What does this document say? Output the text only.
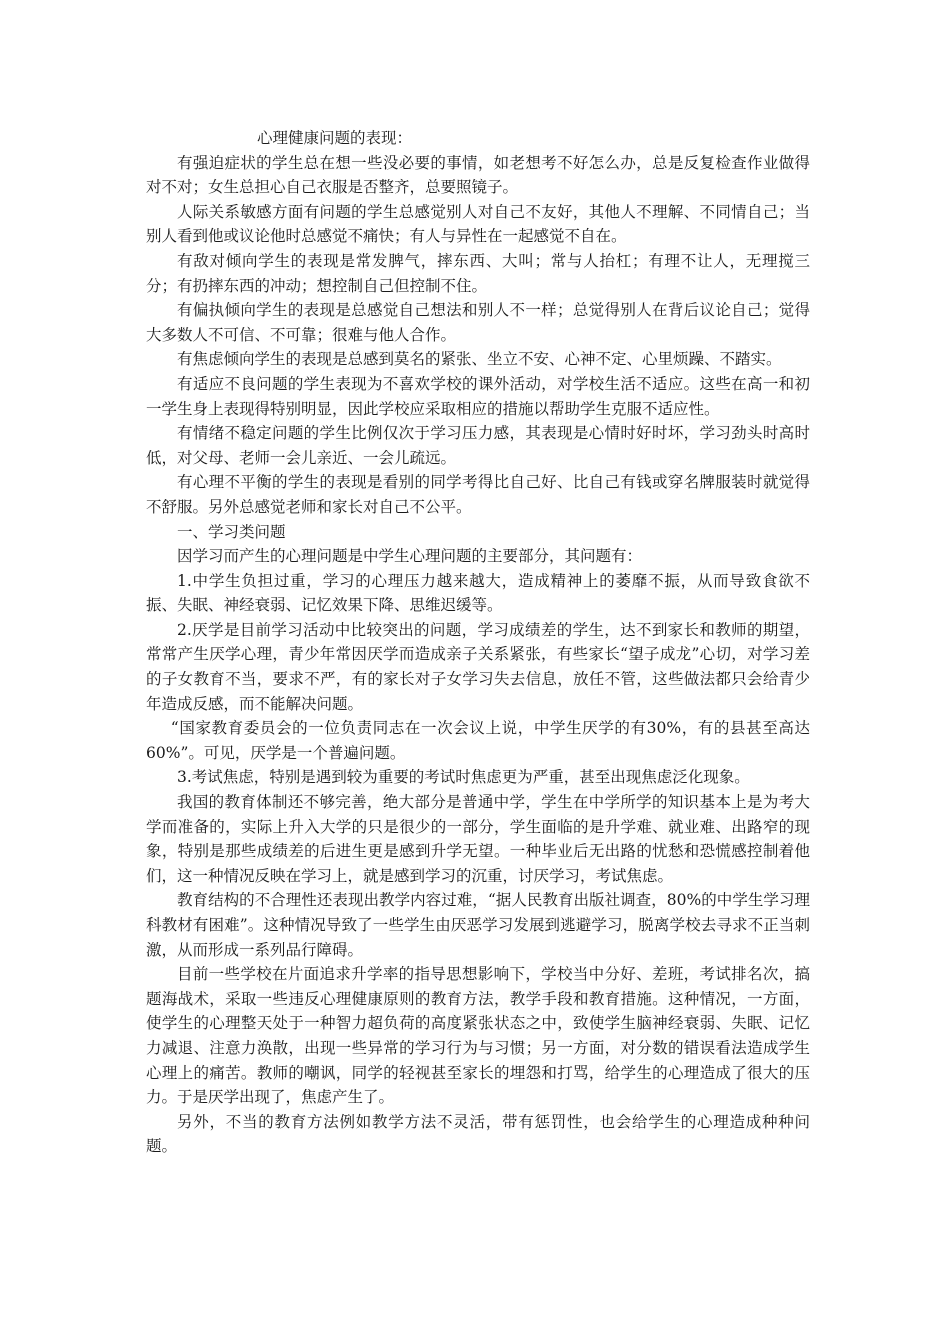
心理健康问题的表现：

有强迫症状的学生总在想一些没必要的事情，如老想考不好怎么办，总是反复检查作业做得对不对；女生总担心自己衣服是否整齐，总要照镜子。

人际关系敏感方面有问题的学生总感觉别人对自己不友好，其他人不理解、不同情自己；当别人看到他或议论他时总感觉不痛快；有人与异性在一起感觉不自在。

有敌对倾向学生的表现是常发脾气，摔东西、大叫；常与人抬杠；有理不让人，无理搅三分；有扔摔东西的冲动；想控制自己但控制不住。

有偏执倾向学生的表现是总感觉自己想法和别人不一样；总觉得别人在背后议论自己；觉得大多数人不可信、不可靠；很难与他人合作。

有焦虑倾向学生的表现是总感到莫名的紧张、坐立不安、心神不定、心里烦躁、不踏实。

有适应不良问题的学生表现为不喜欢学校的课外活动，对学校生活不适应。这些在高一和初一学生身上表现得特别明显，因此学校应采取相应的措施以帮助学生克服不适应性。

有情绪不稳定问题的学生比例仅次于学习压力感，其表现是心情时好时坏，学习劲头时高时低，对父母、老师一会儿亲近、一会儿疏远。

有心理不平衡的学生的表现是看别的同学考得比自己好、比自己有钱或穿名牌服装时就觉得不舒服。另外总感觉老师和家长对自己不公平。

一、学习类问题

因学习而产生的心理问题是中学生心理问题的主要部分，其问题有：

1.中学生负担过重，学习的心理压力越来越大，造成精神上的萎靡不振，从而导致食欲不振、失眠、神经衰弱、记忆效果下降、思维迟缓等。

2.厌学是目前学习活动中比较突出的问题，学习成绩差的学生，达不到家长和教师的期望，常常产生厌学心理，青少年常因厌学而造成亲子关系紧张，有些家长“望子成龙”心切，对学习差的子女教育不当，要求不严，有的家长对子女学习失去信息，放任不管，这些做法都只会给青少年造成反感，而不能解决问题。

“国家教育委员会的一位负责同志在一次会议上说，中学生厌学的有30%，有的县甚至高达60%”。可见，厌学是一个普遍问题。

3.考试焦虑，特别是遇到较为重要的考试时焦虑更为严重，甚至出现焦虑泛化现象。

我国的教育体制还不够完善，绝大部分是普通中学，学生在中学所学的知识基本上是为考大学而准备的，实际上升入大学的只是很少的一部分，学生面临的是升学难、就业难、出路窄的现象，特别是那些成绩差的后进生更是感到升学无望。一种毕业后无出路的忧愁和恐慌感控制着他们，这一种情况反映在学习上，就是感到学习的沉重，讨厌学习，考试焦虑。

教育结构的不合理性还表现出教学内容过难，“据人民教育出版社调查，80%的中学生学习理科教材有困难”。这种情况导致了一些学生由厌恶学习发展到逃避学习，脱离学校去寻求不正当刺激，从而形成一系列品行障碍。

目前一些学校在片面追求升学率的指导思想影响下，学校当中分好、差班，考试排名次，搞题海战术，采取一些违反心理健康原则的教育方法，教学手段和教育措施。这种情况，一方面，使学生的心理整天处于一种智力超负荷的高度紧张状态之中，致使学生脑神经衰弱、失眠、记忆力减退、注意力涣散，出现一些异常的学习行为与习惯；另一方面，对分数的错误看法造成学生心理上的痛苦。教师的嘲讽，同学的轻视甚至家长的埋怨和打骂，给学生的心理造成了很大的压力。于是厌学出现了，焦虑产生了。

另外，不当的教育方法例如教学方法不灵活，带有惩罚性，也会给学生的心理造成种种问题。
